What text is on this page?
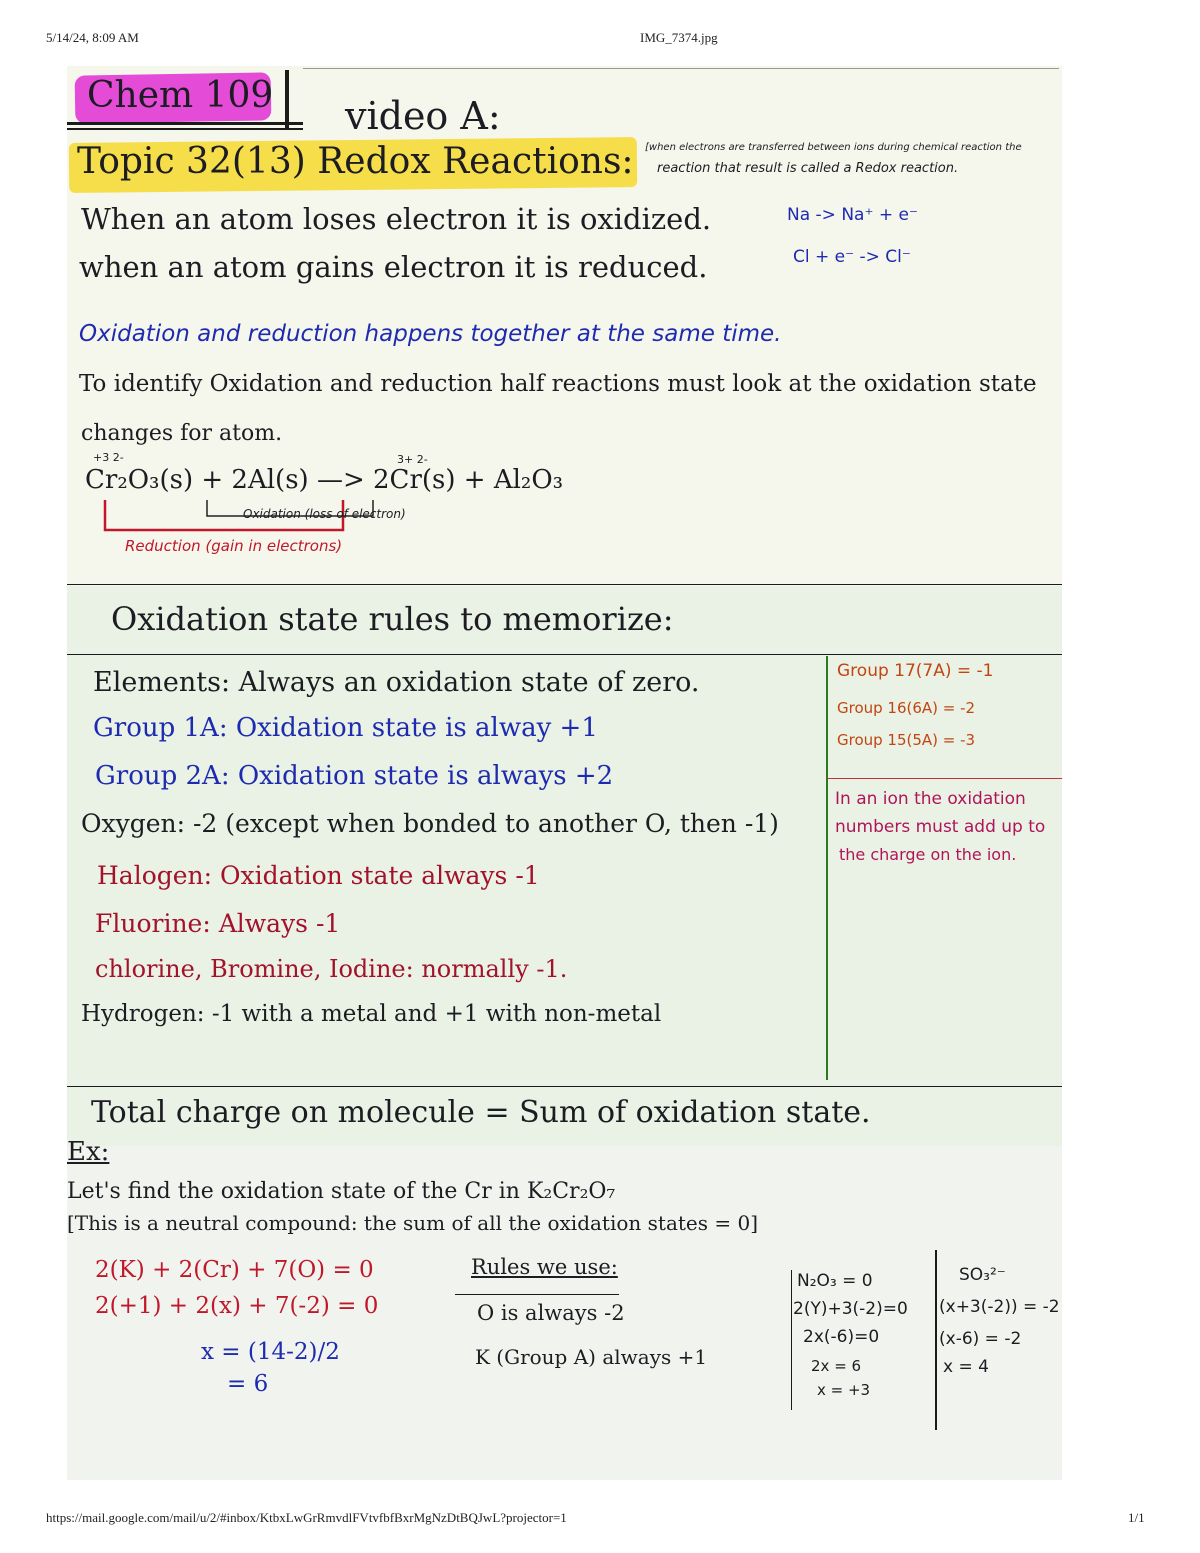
5/14/24, 8:09 AM	IMG_7374.jpg
https://mail.google.com/mail/u/2/#inbox/KtbxLwGrRmvdlFVtvfbfBxrMgNzDtBQJwL?projector=1	1/1
Chem 109 video A:
Topic 32(13) Redox Reactions: [when electrons are transferred between ions during chemical reaction the
reaction that result is called a Redox reaction.
When an atom loses electron it is oxidized.	Na -> Na⁺ + e⁻
when an atom gains electron it is reduced.	Cl + e⁻ -> Cl⁻
Oxidation and reduction happens together at the same time.
To identify Oxidation and reduction half reactions must look at the oxidation state
changes for atom.
+3 2-	3+ 2-
Cr₂O₃(s) + 2Al(s) —> 2Cr(s) + Al₂O₃
Oxidation (loss of electron)
Reduction (gain in electrons)
Oxidation state rules to memorize:
Elements: Always an oxidation state of zero.
Group 1A: Oxidation state is alway +1
Group 2A: Oxidation state is always +2
Oxygen: -2 (except when bonded to another O, then -1)
Halogen: Oxidation state always -1
Fluorine: Always -1
chlorine, Bromine, Iodine: normally -1.
Hydrogen: -1 with a metal and +1 with non-metal
Group 17(7A) = -1
Group 16(6A) = -2
Group 15(5A) = -3
In an ion the oxidation
numbers must add up to
the charge on the ion.
Total charge on molecule = Sum of oxidation state.
Ex:
Let's find the oxidation state of the Cr in K₂Cr₂O₇
[This is a neutral compound: the sum of all the oxidation states = 0]
2(K) + 2(Cr) + 7(O) = 0
2(+1) + 2(x) + 7(-2) = 0
x = (14-2)/2
= 6
Rules we use:
O is always -2
K (Group A) always +1
N₂O₃ = 0
2(Y)+3(-2)=0
2x(-6)=0
2x = 6
x = +3
SO₃²⁻
(x+3(-2)) = -2
(x-6) = -2
x = 4
